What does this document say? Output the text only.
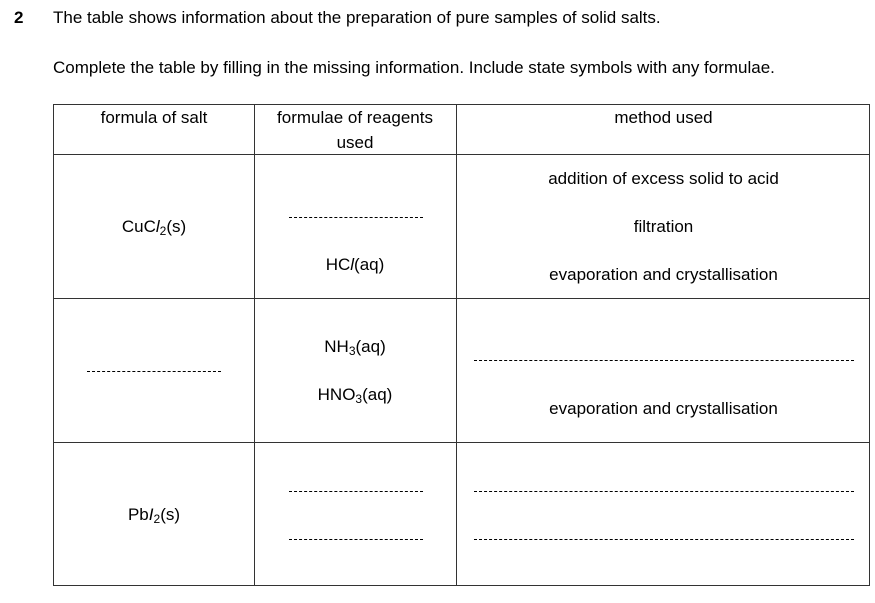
2 The table shows information about the preparation of pure samples of solid salts.
Complete the table by filling in the missing information. Include state symbols with any formulae.
formula of salt	formulae of reagents
used
method used
CuCl$_2$(s)
HCl(aq)
addition of excess solid to acid
filtration
evaporation and crystallisation
$NH_3(aq)$
$HNO_3(aq)$
evaporation and crystallisation
PbI$_2$(s)
